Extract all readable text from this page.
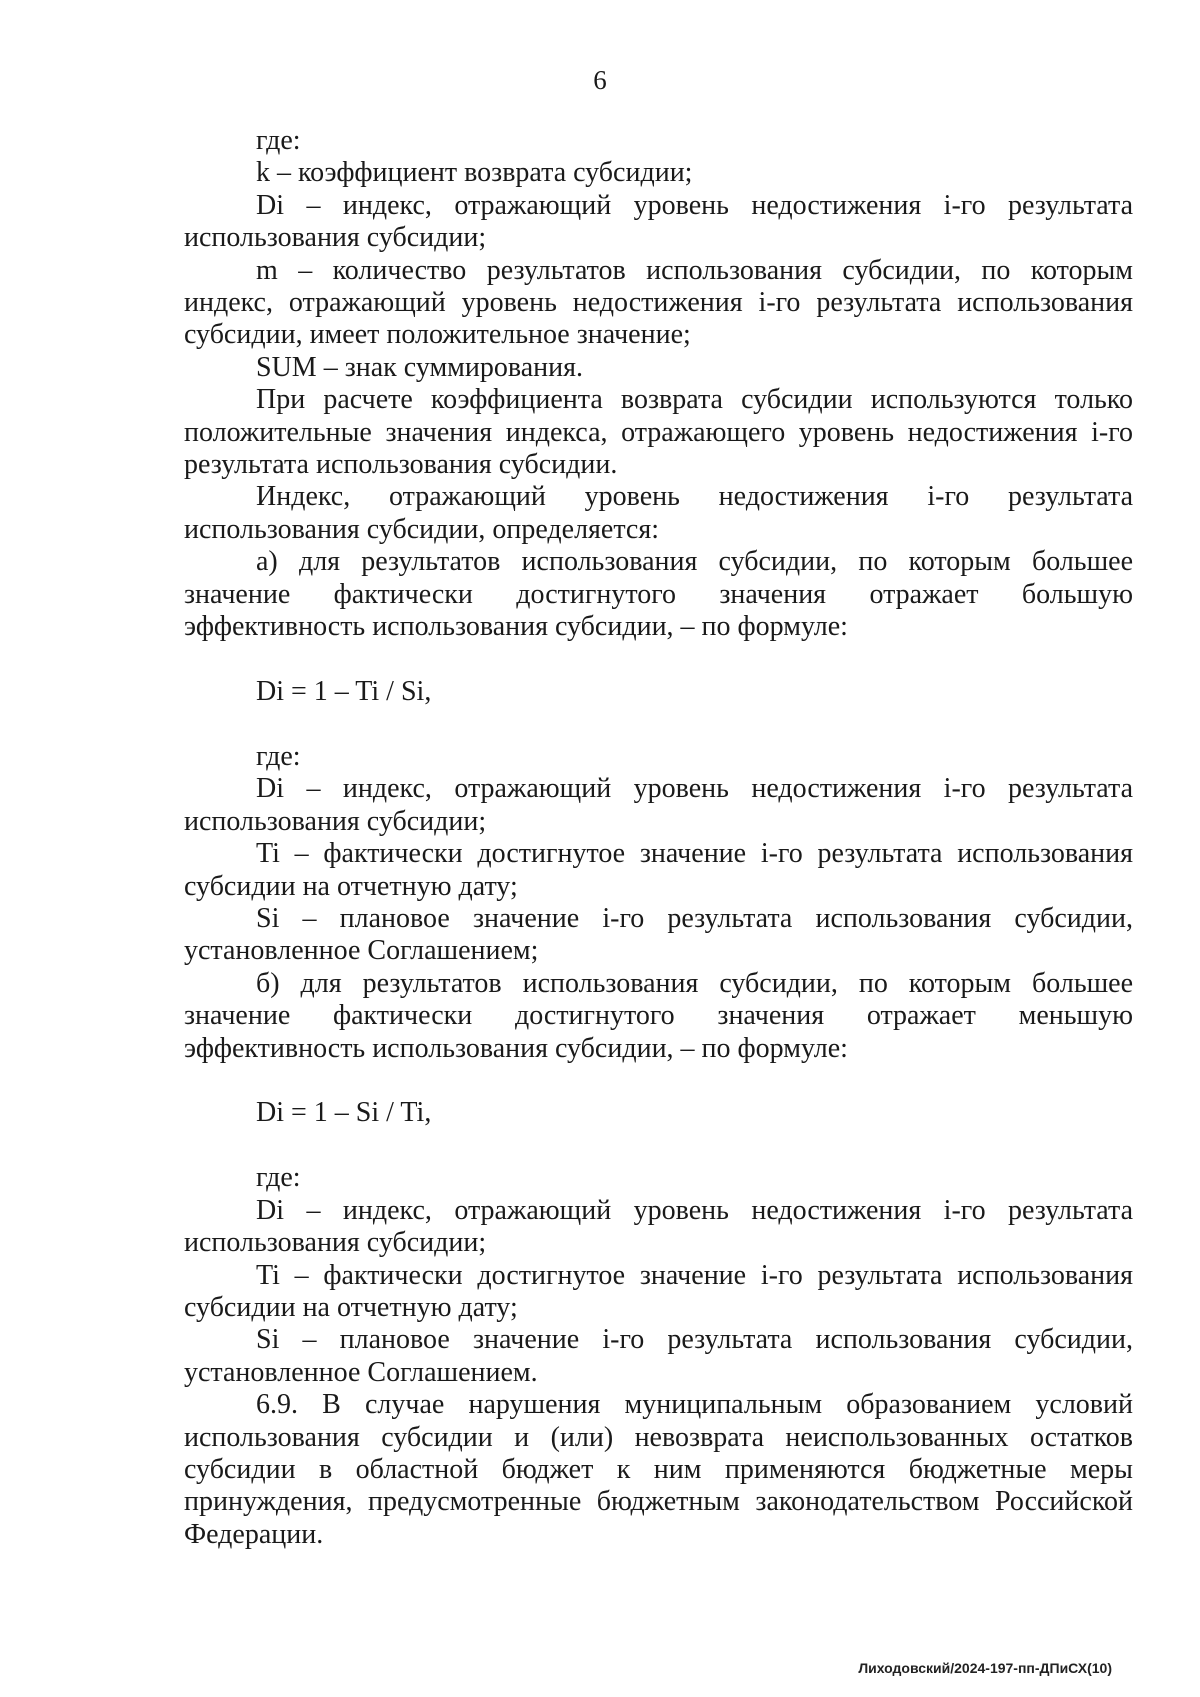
6

где:

k – коэффициент возврата субсидии;

Di – индекс, отражающий уровень недостижения i-го результата использования субсидии;

m – количество результатов использования субсидии, по которым индекс, отражающий уровень недостижения i-го результата использования субсидии, имеет положительное значение;

SUM – знак суммирования.

При расчете коэффициента возврата субсидии используются только положительные значения индекса, отражающего уровень недостижения i-го результата использования субсидии.

Индекс, отражающий уровень недостижения i-го результата использования субсидии, определяется:

а) для результатов использования субсидии, по которым большее значение фактически достигнутого значения отражает большую эффективность использования субсидии, – по формуле:

Di = 1 – Ti / Si,

где:

Di – индекс, отражающий уровень недостижения i-го результата использования субсидии;

Ti – фактически достигнутое значение i-го результата использования субсидии на отчетную дату;

Si – плановое значение i-го результата использования субсидии, установленное Соглашением;

б) для результатов использования субсидии, по которым большее значение фактически достигнутого значения отражает меньшую эффективность использования субсидии, – по формуле:

Di = 1 – Si / Ti,

где:

Di – индекс, отражающий уровень недостижения i-го результата использования субсидии;

Ti – фактически достигнутое значение i-го результата использования субсидии на отчетную дату;

Si – плановое значение i-го результата использования субсидии, установленное Соглашением.

6.9. В случае нарушения муниципальным образованием условий использования субсидии и (или) невозврата неиспользованных остатков субсидии в областной бюджет к ним применяются бюджетные меры принуждения, предусмотренные бюджетным законодательством Российской Федерации.

Лиходовский/2024-197-пп-ДПиСХ(10)
